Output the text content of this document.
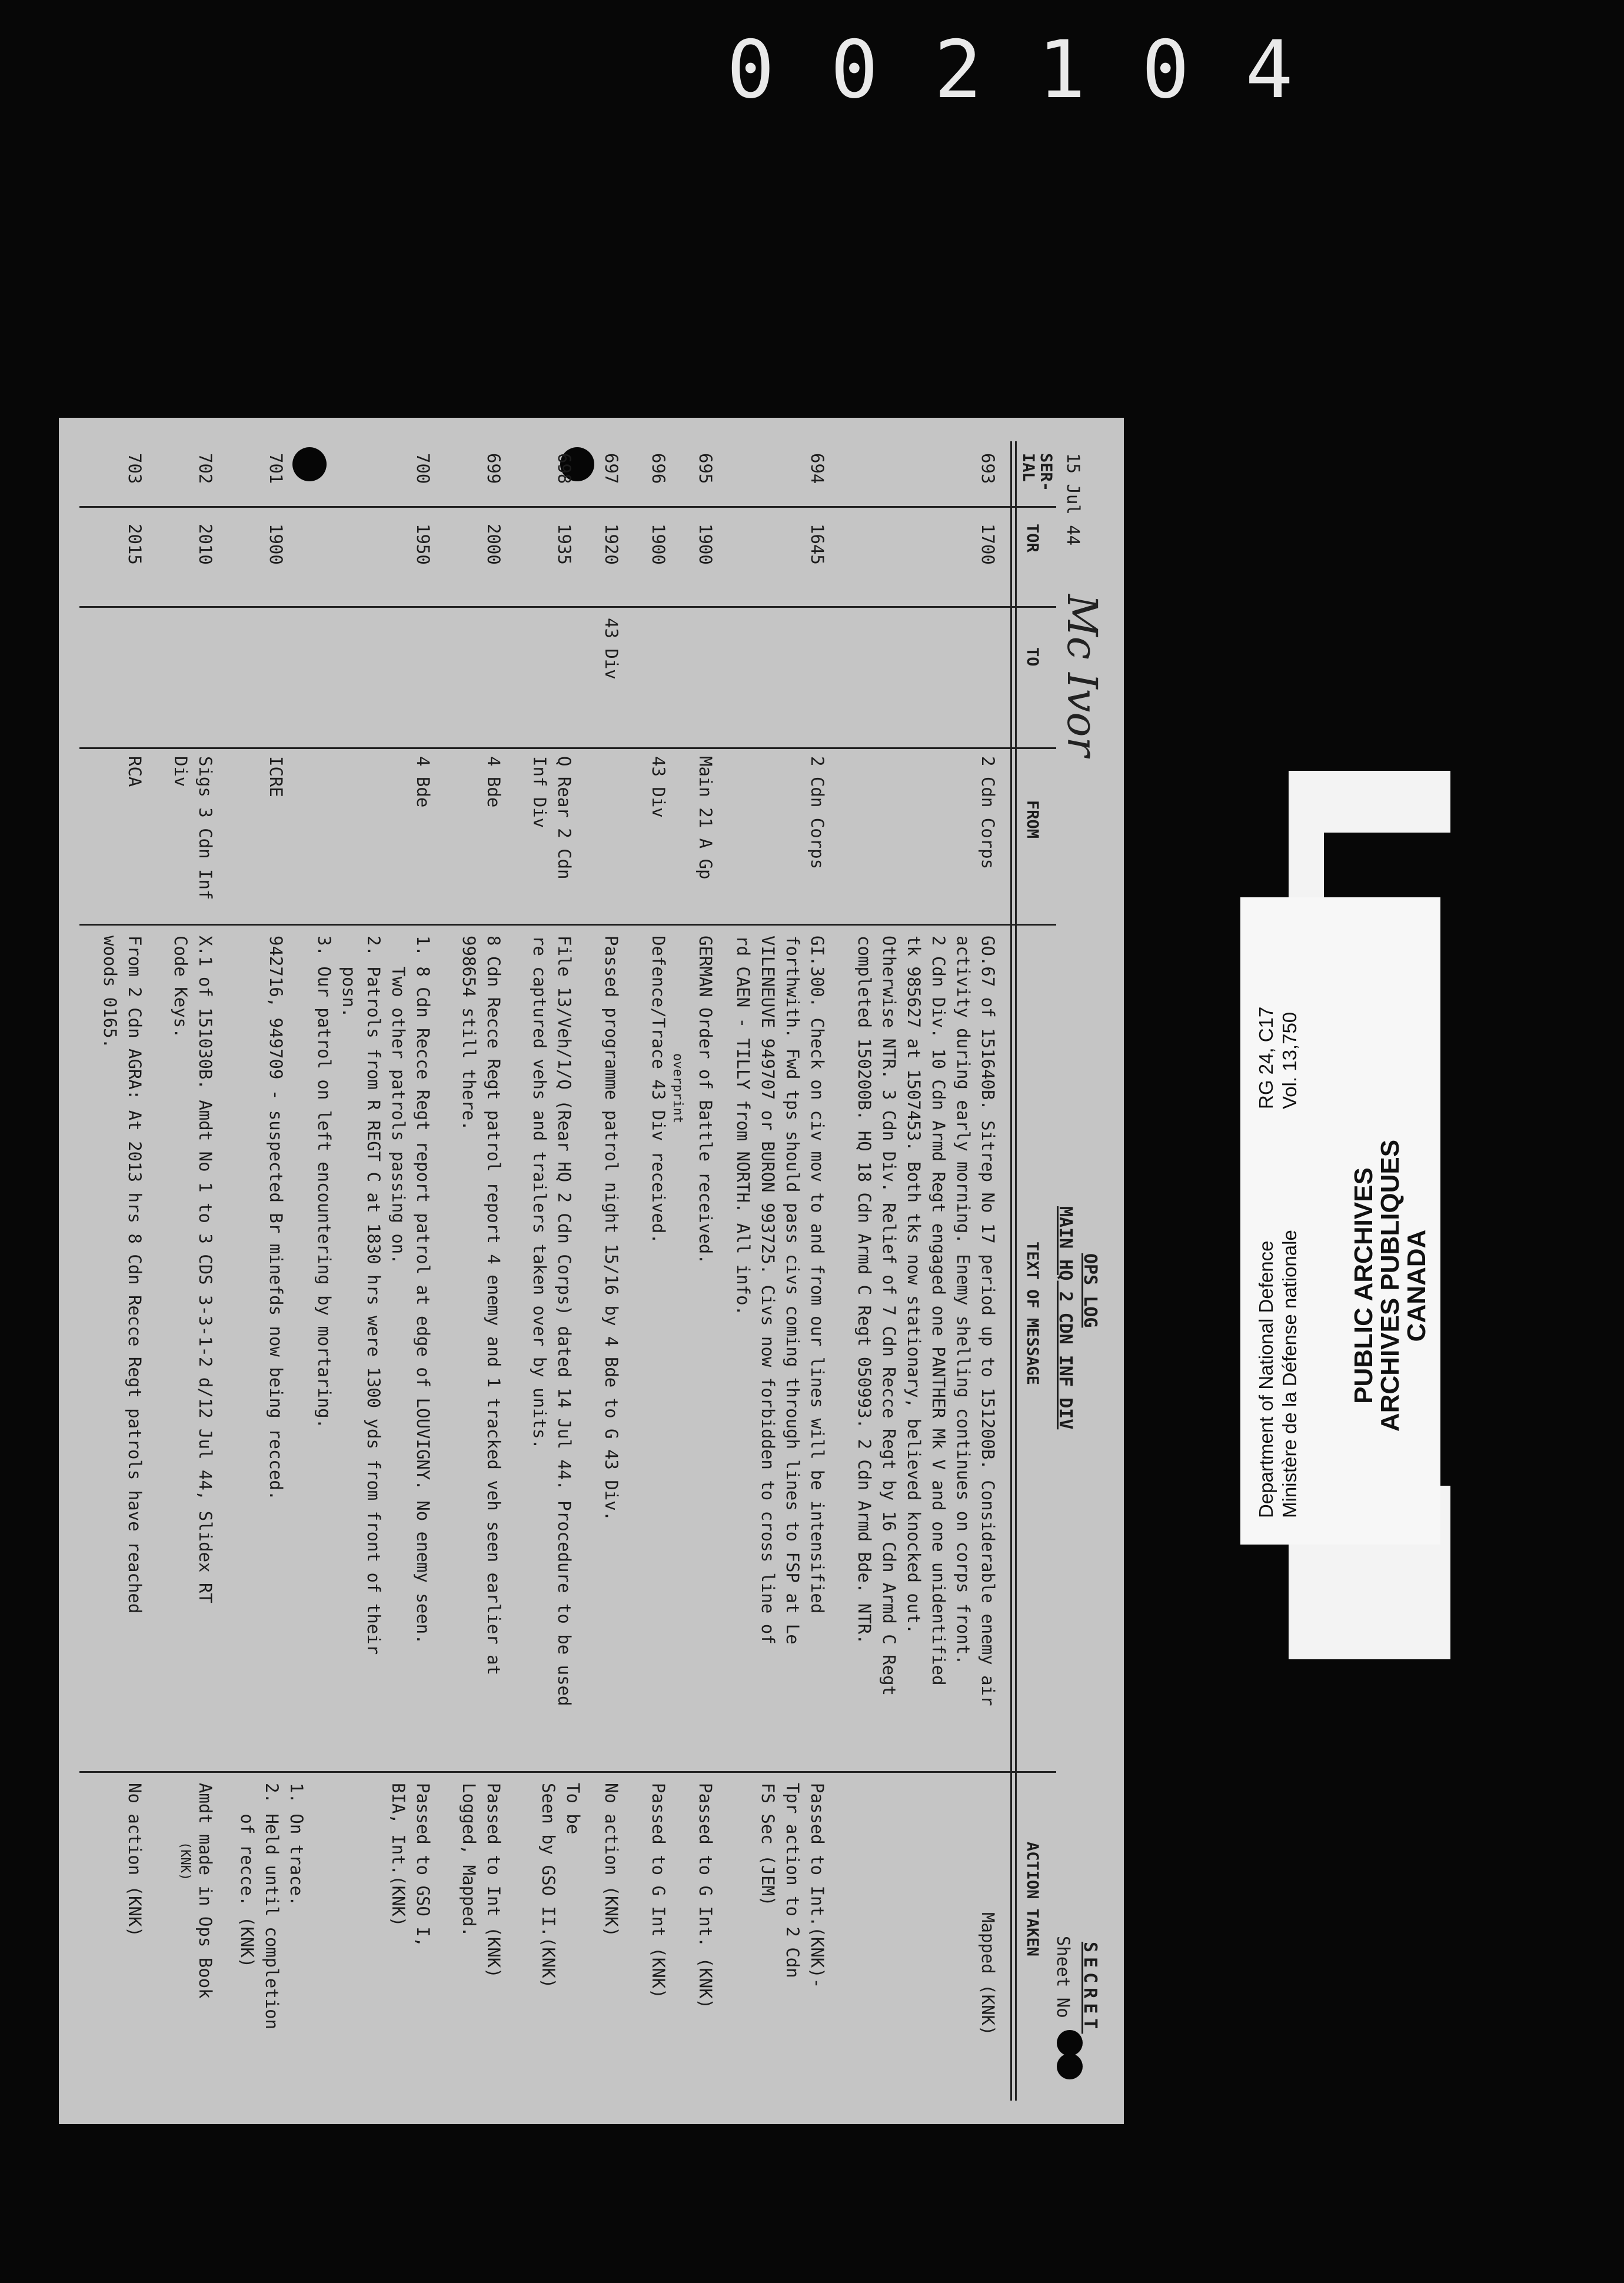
002104
15 Jul 44
Mc Ivor
OPS LOG
MAIN HQ 2 CDN INF DIV
SECRET
Sheet No
SER-IAL
TOR
TO
FROM
TEXT OF MESSAGE
ACTION TAKEN
693
1700
2 Cdn Corps
GO.67 of 151640B. Sitrep No 17 period up to 151200B. Considerable enemy air
activity during early morning. Enemy shelling continues on corps front.
2 Cdn Div. 10 Cdn Armd Regt engaged one PANTHER Mk V and one unidentified
tk 985627 at 1507453. Both tks now stationary, believed knocked out.
Otherwise NTR. 3 Cdn Div. Relief of 7 Cdn Recce Regt by 16 Cdn Armd C Regt
completed 150200B. HQ 18 Cdn Armd C Regt 050993. 2 Cdn Armd Bde. NTR.
Mapped (KNK)
694
1645
2 Cdn Corps
GI.300. Check on civ mov to and from our lines will be intensified
forthwith. Fwd tps should pass civs coming through lines to FSP at Le
VILENEUVE 949707 or BURON 993725. Civs now forbidden to cross line of
rd CAEN - TILLY from NORTH. All info.
Passed to Int.(KNK)-
Tpr action to 2 Cdn
FS Sec (JEM)
695
1900
Main 21 A Gp
GERMAN Order of Battle received.
Passed to G Int. (KNK)
696
1900
43 Div
overprint
Defence/Trace 43 Div received.
Passed to G Int (KNK)
697
1920
43 Div
Passed programme patrol night 15/16 by 4 Bde to G 43 Div.
No action (KNK)
698
1935
Q Rear 2 Cdn Inf Div
File 13/Veh/1/Q (Rear HQ 2 Cdn Corps) dated 14 Jul 44. Procedure to be used
re captured vehs and trailers taken over by units.
To be
Seen by GSO II.(KNK)
699
2000
4 Bde
8 Cdn Recce Regt patrol report 4 enemy and 1 tracked veh seen earlier at
998654 still there.
Passed to Int (KNK)
Logged, Mapped.
700
1950
4 Bde
1. 8 Cdn Recce Regt report patrol at edge of LOUVIGNY. No enemy seen.
Two other patrols passing on.
2. Patrols from R REGT C at 1830 hrs were 1300 yds from front of their
posn.
3. Our patrol on left encountering by mortaring.
Passed to GSO I,
BIA, Int.(KNK)
701
1900
ICRE
942716, 949709 - suspected Br minefds now being recced.
1. On trace.
2. Held until completion
of recce. (KNK)
702
2010
Sigs 3 Cdn Inf Div
X.1 of 151030B. Amdt No 1 to 3 CDS 3-3-1-2 d/12 Jul 44, Slidex RT
Code Keys.
Amdt made in Ops Book
(KNK)
703
2015
RCA
From 2 Cdn AGRA: At 2013 hrs 8 Cdn Recce Regt patrols have reached
woods 0165.
No action (KNK)
Department of National Defence Ministère de la Défense nationale
RG 24, C17 Vol. 13,750
PUBLIC ARCHIVES
ARCHIVES PUBLIQUES
CANADA
